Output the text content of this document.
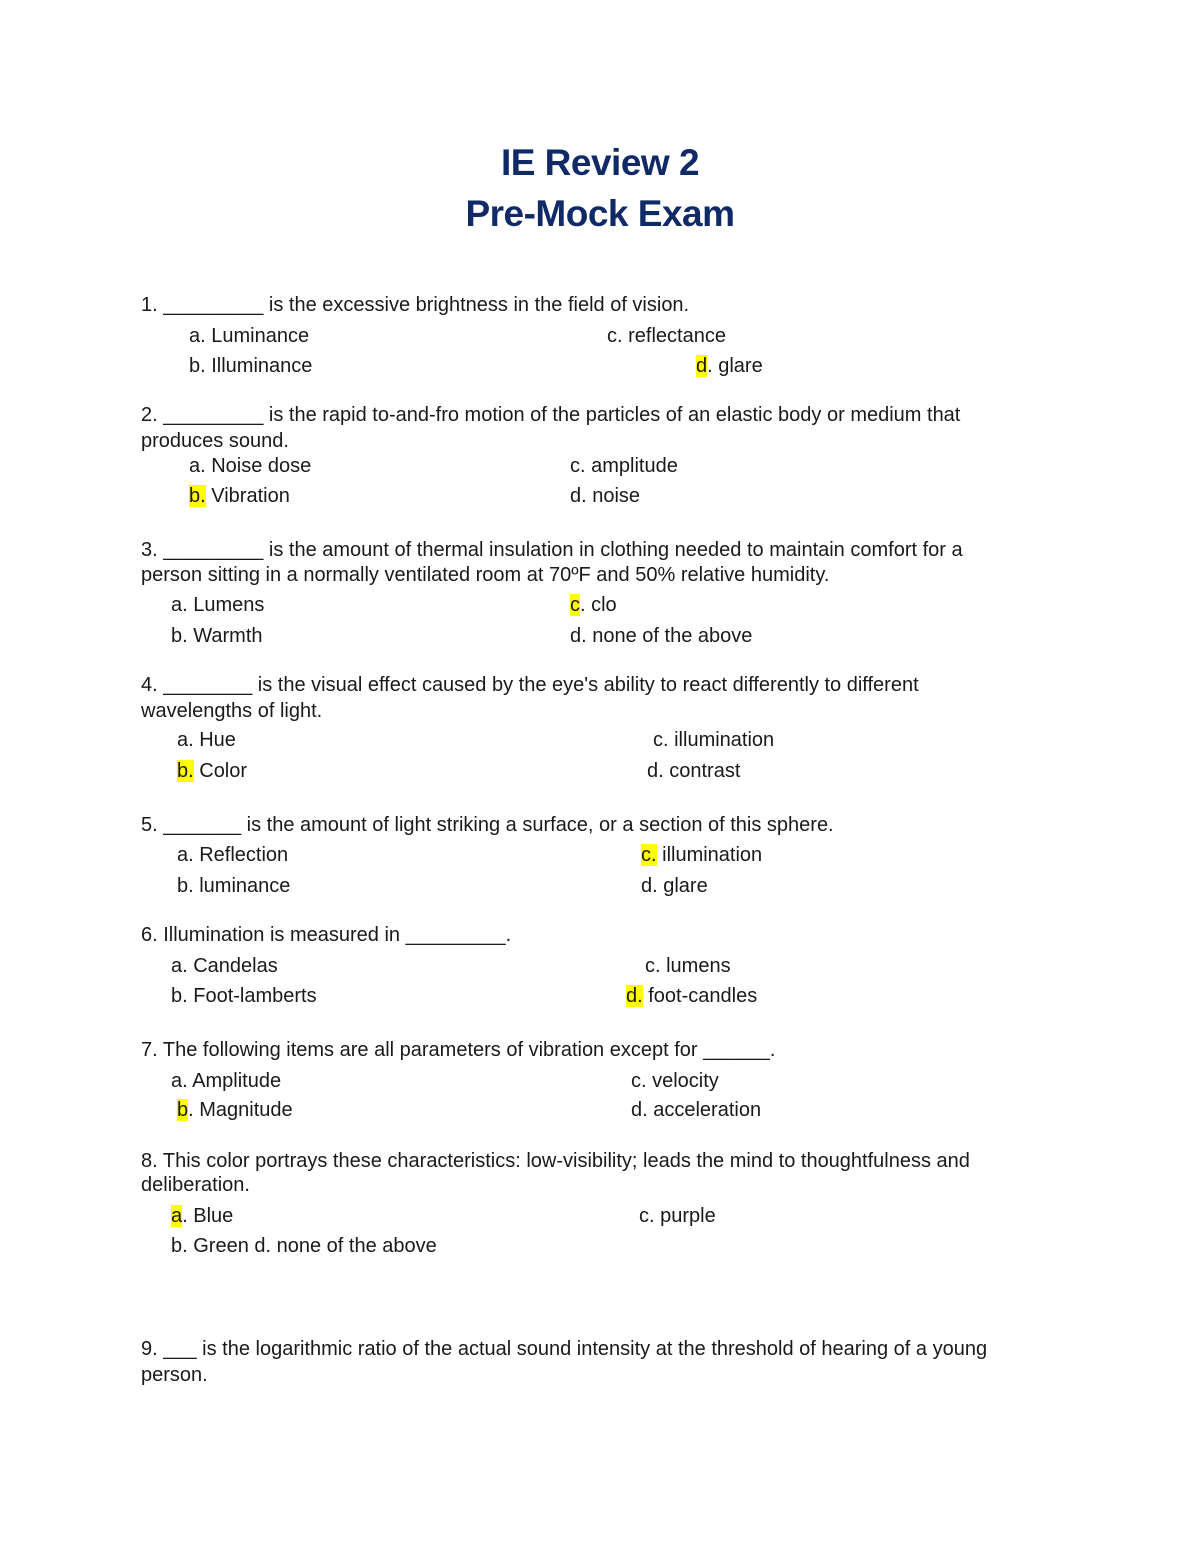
IE Review 2
Pre-Mock Exam
1. _________ is the excessive brightness in the field of vision.
a. Luminance
b. Illuminance
c. reflectance
d. glare
2. _________ is the rapid to-and-fro motion of the particles of an elastic body or medium that
produces sound.
a. Noise dose
b. Vibration
c. amplitude
d. noise
3. _________ is the amount of thermal insulation in clothing needed to maintain comfort for a
person sitting in a normally ventilated room at 70ºF and 50% relative humidity.
a. Lumens
b. Warmth
c. clo
d. none of the above
4. ________ is the visual effect caused by the eye's ability to react differently to different
wavelengths of light.
a. Hue
b. Color
c. illumination
d. contrast
5. _______ is the amount of light striking a surface, or a section of this sphere.
a. Reflection
b. luminance
c. illumination
d. glare
6. Illumination is measured in _________.
a. Candelas
b. Foot-lamberts
c. lumens
d. foot-candles
7. The following items are all parameters of vibration except for ______.
a. Amplitude
b. Magnitude
c. velocity
d. acceleration
8. This color portrays these characteristics: low-visibility; leads the mind to thoughtfulness and
deliberation.
a. Blue
b. Green d. none of the above
c. purple
9. ___ is the logarithmic ratio of the actual sound intensity at the threshold of hearing of a young
person.
